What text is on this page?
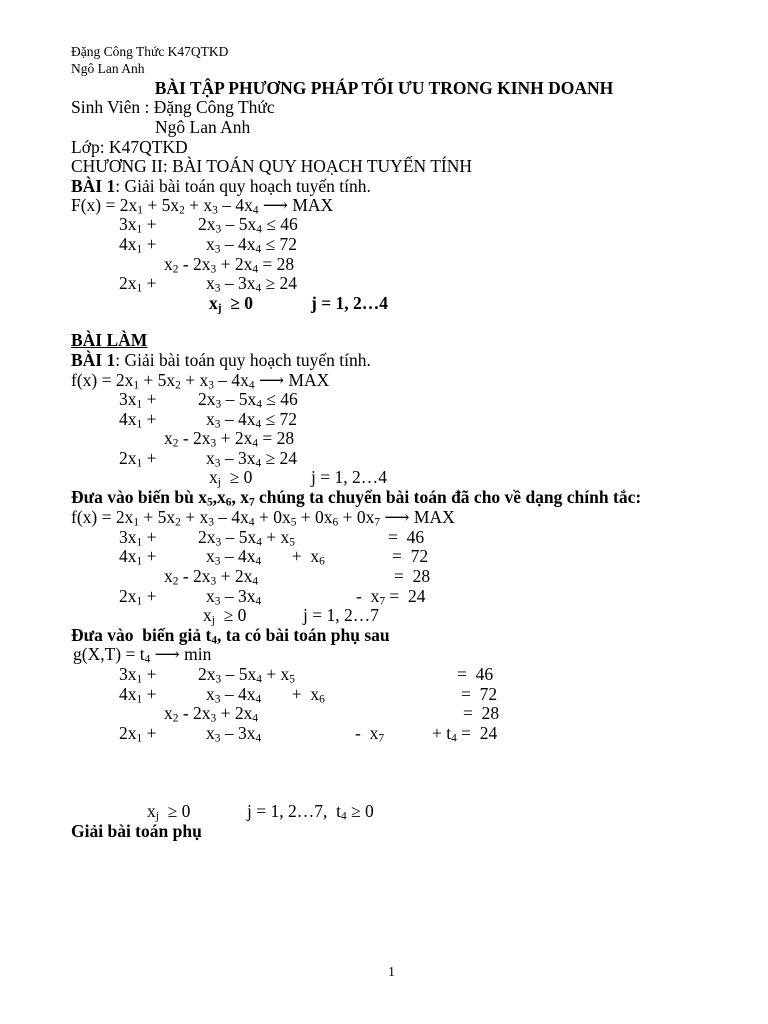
Đặng Công Thức K47QTKD
Ngô Lan Anh
BÀI TẬP PHƯƠNG PHÁP TỐI ƯU TRONG KINH DOANH
Sinh Viên : Đặng Công Thức
Ngô Lan Anh
Lớp: K47QTKD
CHƯƠNG II: BÀI TOÁN QUY HOẠCH TUYẾN TÍNH
BÀI 1: Giải bài toán quy hoạch tuyến tính.
$F(x) = 2x_1 + 5x_2 + x_3 - 4x_4$ ⟶ MAX
$3x_1 + 2x_3 - 5x_4 \le 46$
$4x_1$ +	$x_3 - 4x_4 \le 72$
$x_2 - 2x_3 + 2x_4 = 28$
$2x_1$ +	$x_3 - 3x_4 \ge 24$
$x_j \ge 0$	j = 1, 2…4
BÀI LÀM
BÀI 1: Giải bài toán quy hoạch tuyến tính.
$f(x) = 2x_1 + 5x_2 + x_3 - 4x_4$ ⟶ MAX
$3x_1 + 2x_3 - 5x_4 \le 46$
$4x_1$ +	$x_3 - 4x_4 \le 72$
$x_2 - 2x_3 + 2x_4 = 28$
$2x_1$ +	$x_3 - 3x_4 \ge 24$
$x_j \ge 0$	j = 1, 2…4
Đưa vào biến bù $x_5,x_6$, $x_7$ chúng ta chuyển bài toán đã cho về dạng chính tắc:
$f(x) = 2x_1 + 5x_2 + x_3 - 4x_4 + 0x_5 + 0x_6 + 0x_7$ ⟶ MAX
$3x_1 + 2x_3 - 5x_4 + x_5$	=  46
$4x_1$ +	$x_3 - 4x_4$       +  $x_6$	=  72
$x_2 - 2x_3 + 2x_4$	=  28
$2x_1$ +	$x_3 - 3x_4$	-  $x_7 = 24$
$x_j \ge 0$	j = 1, 2…7
Đưa vào  biến giả $t_4$, ta có bài toán phụ sau
$g(X,T) = t_4$ ⟶ min
$3x_1 + 2x_3 - 5x_4 + x_5$	=  46
$4x_1$ +	$x_3 - 4x_4$       +  $x_6$	=  72
$x_2 - 2x_3 + 2x_4$	=  28
$2x_1$ +	$x_3 - 3x_4$	-  $x_7$	+ $t_4 = 24$
$x_j \ge 0$	j = 1, 2…7,  $t_4 \ge 0$
Giải bài toán phụ
1
